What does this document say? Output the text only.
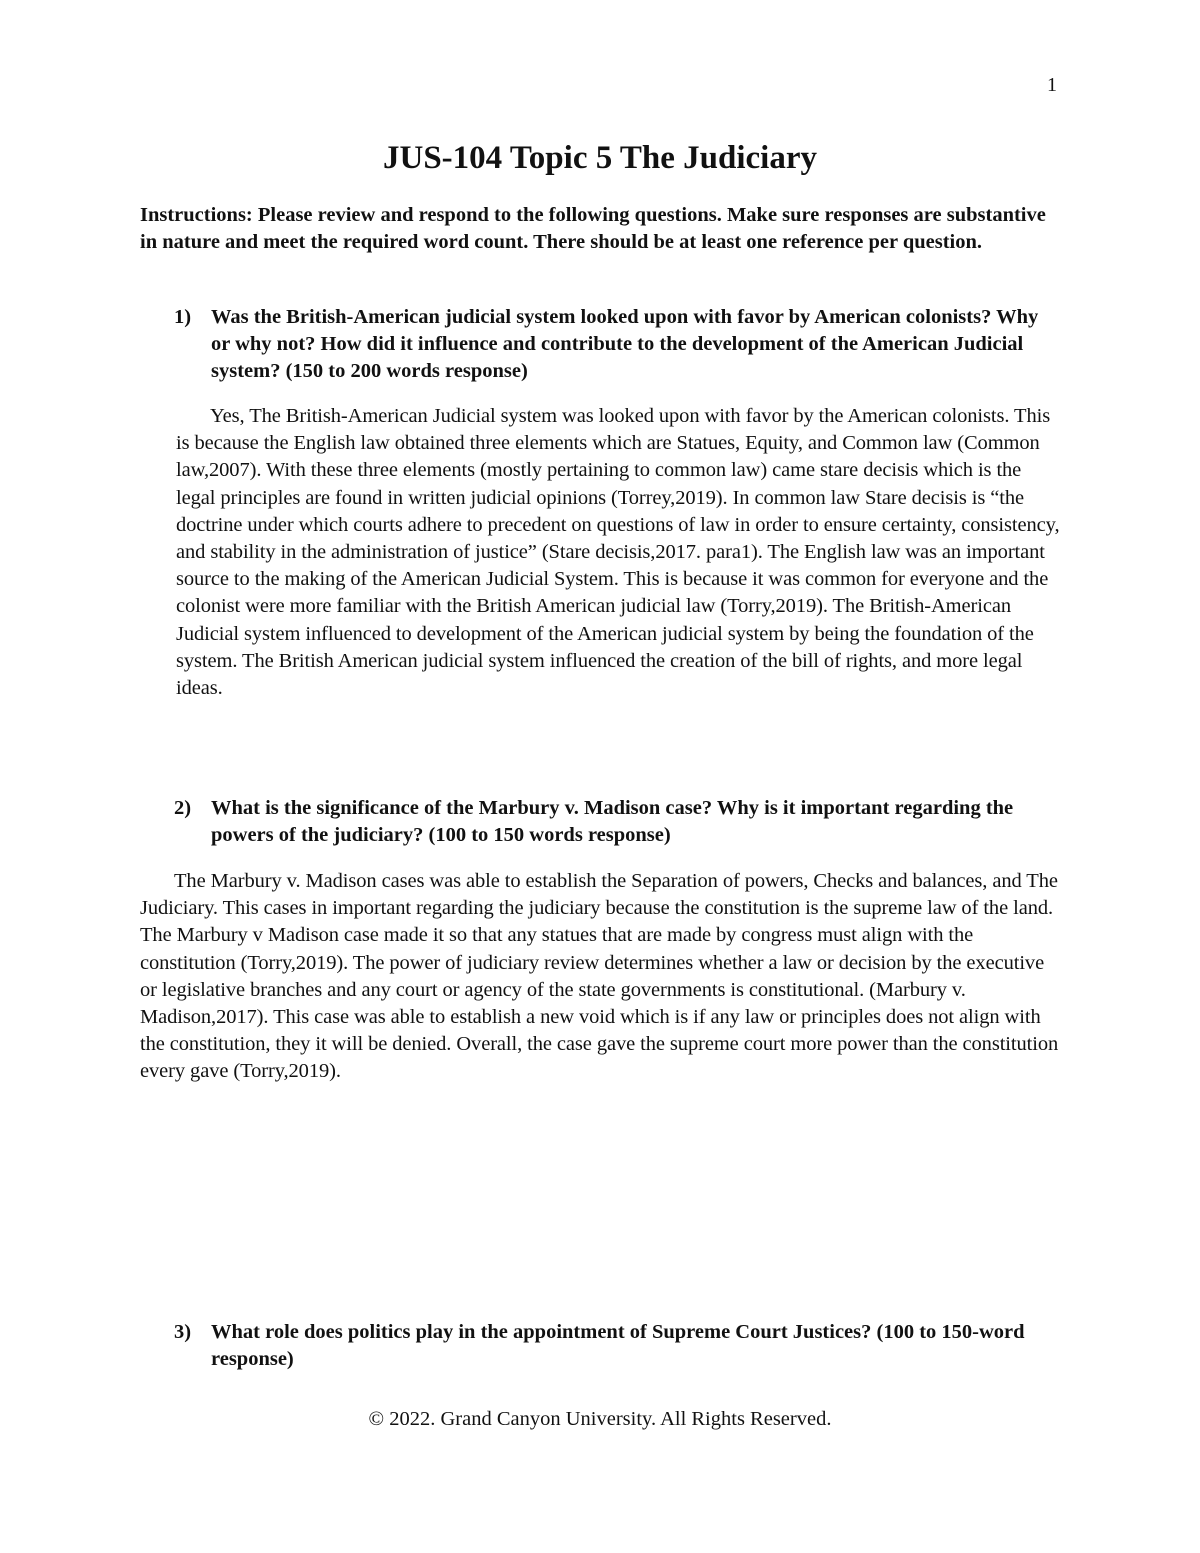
1
JUS-104 Topic 5 The Judiciary

Instructions: Please review and respond to the following questions. Make sure responses are substantive in nature and meet the required word count. There should be at least one reference per question.

1) Was the British-American judicial system looked upon with favor by American colonists? Why or why not? How did it influence and contribute to the development of the American Judicial system? (150 to 200 words response)

Yes, The British-American Judicial system was looked upon with favor by the American colonists. This is because the English law obtained three elements which are Statues, Equity, and Common law (Common law,2007). With these three elements (mostly pertaining to common law) came stare decisis which is the legal principles are found in written judicial opinions (Torrey,2019). In common law Stare decisis is “the doctrine under which courts adhere to precedent on questions of law in order to ensure certainty, consistency, and stability in the administration of justice” (Stare decisis,2017. para1). The English law was an important source to the making of the American Judicial System. This is because it was common for everyone and the colonist were more familiar with the British American judicial law (Torry,2019). The British-American Judicial system influenced to development of the American judicial system by being the foundation of the system. The British American judicial system influenced the creation of the bill of rights, and more legal ideas.

2) What is the significance of the Marbury v. Madison case? Why is it important regarding the powers of the judiciary? (100 to 150 words response)

The Marbury v. Madison cases was able to establish the Separation of powers, Checks and balances, and The Judiciary. This cases in important regarding the judiciary because the constitution is the supreme law of the land. The Marbury v Madison case made it so that any statues that are made by congress must align with the constitution (Torry,2019). The power of judiciary review determines whether a law or decision by the executive or legislative branches and any court or agency of the state governments is constitutional. (Marbury v. Madison,2017). This case was able to establish a new void which is if any law or principles does not align with the constitution, they it will be denied. Overall, the case gave the supreme court more power than the constitution every gave (Torry,2019).

3) What role does politics play in the appointment of Supreme Court Justices? (100 to 150-word response)
© 2022. Grand Canyon University. All Rights Reserved.
